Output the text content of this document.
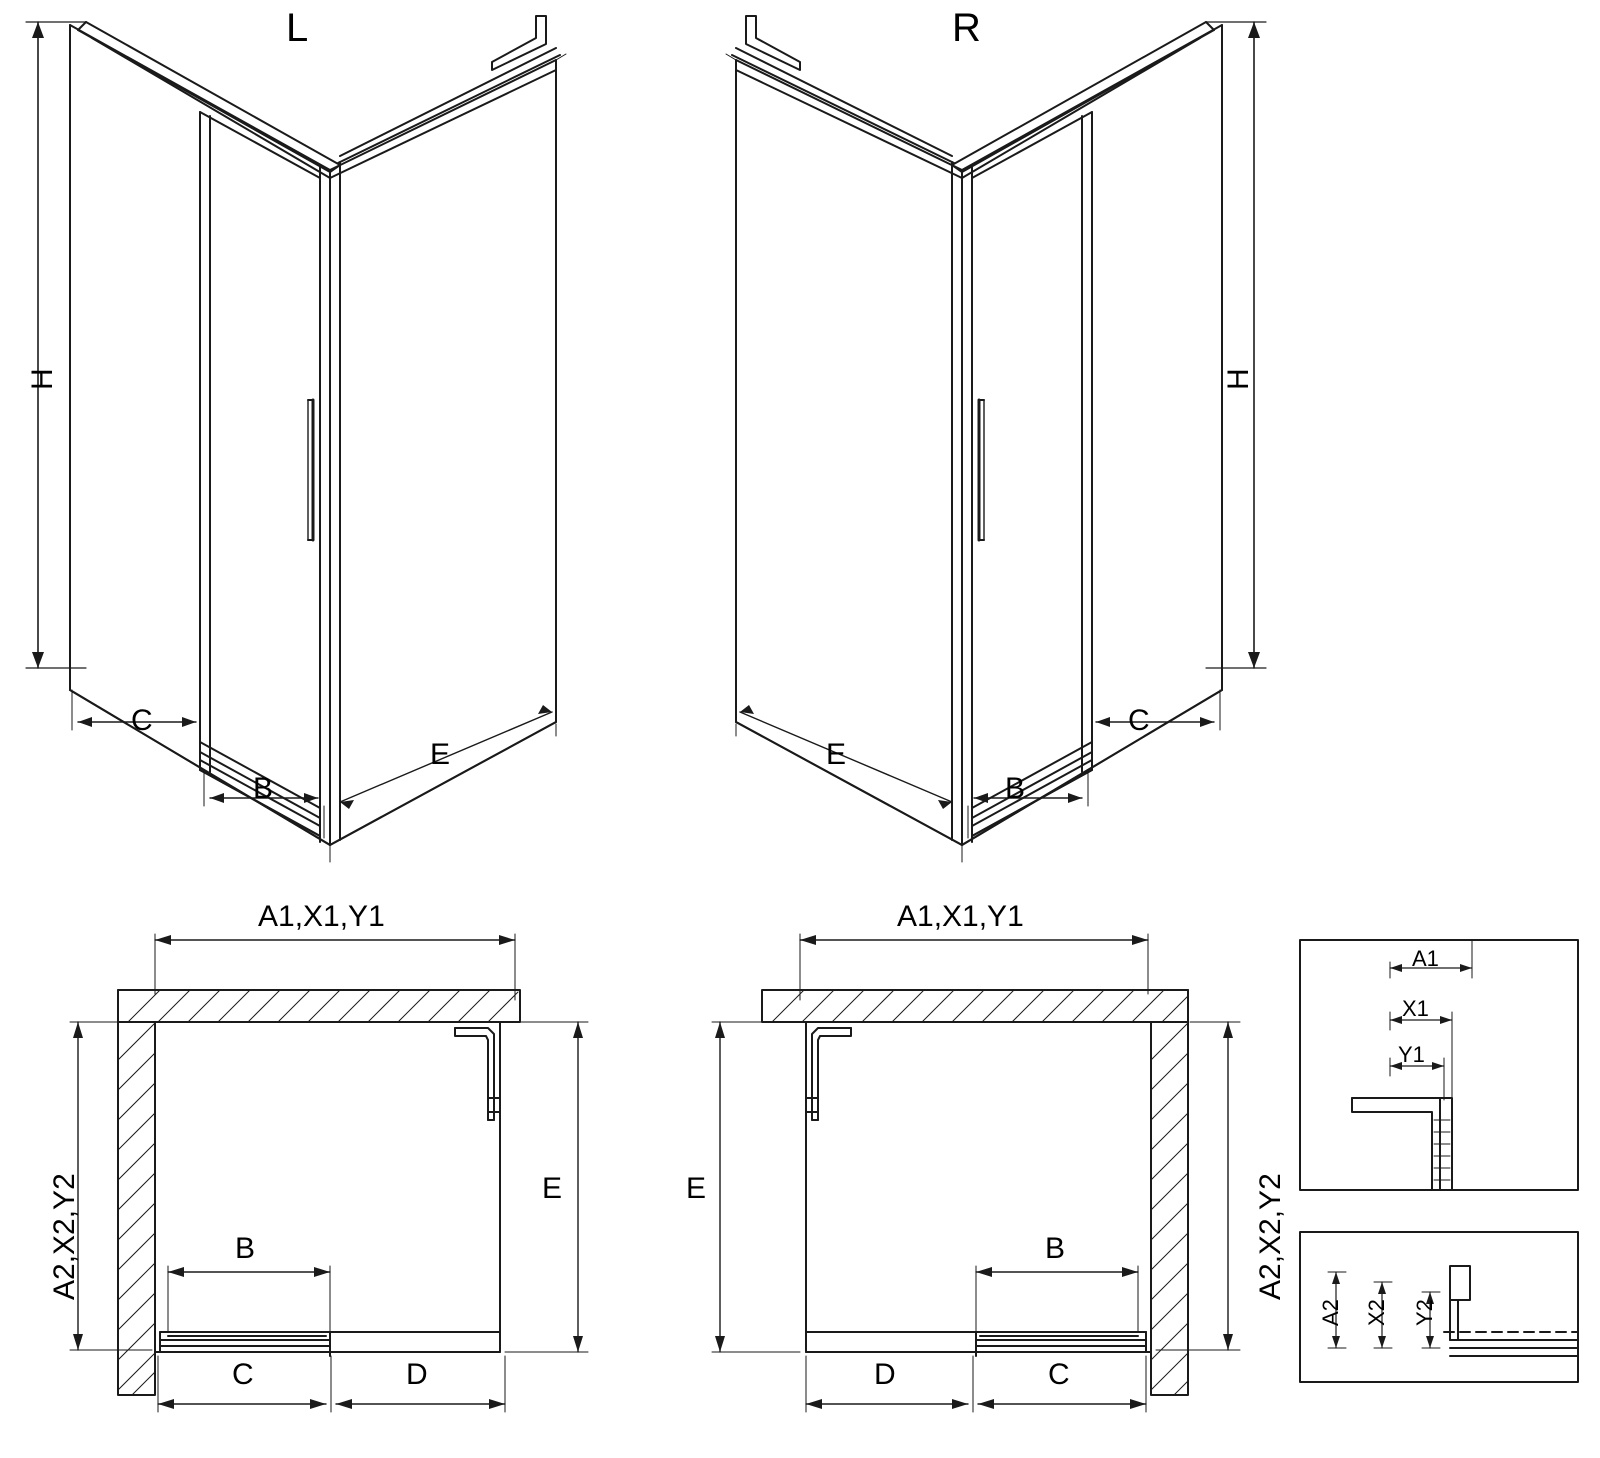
L	R
H
C
B
E
H
E
B
C
A1,X1,Y1
A2,X2,Y2	E
B
C	D
A1,X1,Y1
A2,X2,Y2
E
B
D	C
A1
X1
Y1
A2 X2 Y2
